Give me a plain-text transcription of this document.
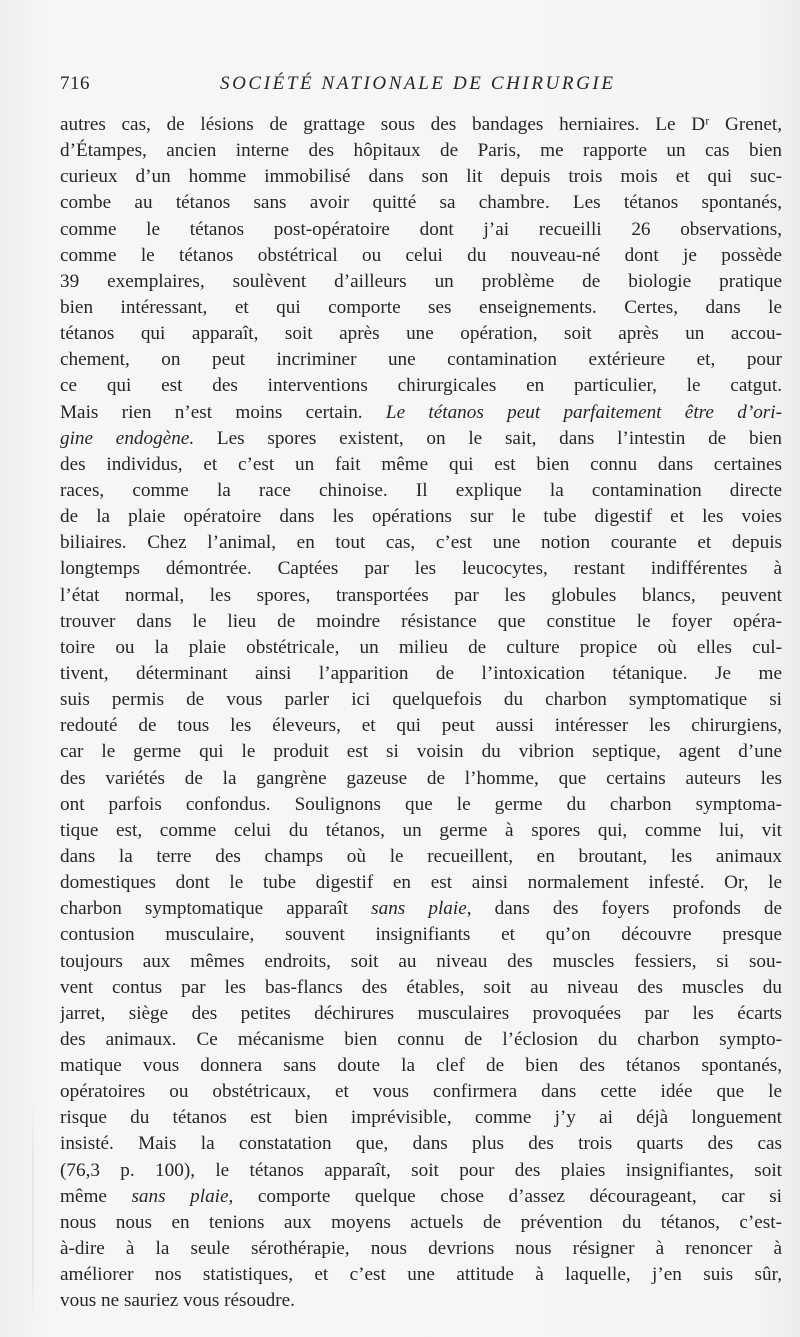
716	SOCIÉTÉ NATIONALE DE CHIRURGIE
autres cas, de lésions de grattage sous des bandages herniaires. Le Dʳ Grenet,
d’Étampes, ancien interne des hôpitaux de Paris, me rapporte un cas bien
curieux d’un homme immobilisé dans son lit depuis trois mois et qui suc-
combe au tétanos sans avoir quitté sa chambre. Les tétanos spontanés,
comme le tétanos post-opératoire dont j’ai recueilli 26 observations,
comme le tétanos obstétrical ou celui du nouveau-né dont je possède
39 exemplaires, soulèvent d’ailleurs un problème de biologie pratique
bien intéressant, et qui comporte ses enseignements. Certes, dans le
tétanos qui apparaît, soit après une opération, soit après un accou-
chement, on peut incriminer une contamination extérieure et, pour
ce qui est des interventions chirurgicales en particulier, le catgut.
Mais rien n’est moins certain. Le tétanos peut parfaitement être d’ori-
gine endogène. Les spores existent, on le sait, dans l’intestin de bien
des individus, et c’est un fait même qui est bien connu dans certaines
races, comme la race chinoise. Il explique la contamination directe
de la plaie opératoire dans les opérations sur le tube digestif et les voies
biliaires. Chez l’animal, en tout cas, c’est une notion courante et depuis
longtemps démontrée. Captées par les leucocytes, restant indifférentes à
l’état normal, les spores, transportées par les globules blancs, peuvent
trouver dans le lieu de moindre résistance que constitue le foyer opéra-
toire ou la plaie obstétricale, un milieu de culture propice où elles cul-
tivent, déterminant ainsi l’apparition de l’intoxication tétanique. Je me
suis permis de vous parler ici quelquefois du charbon symptomatique si
redouté de tous les éleveurs, et qui peut aussi intéresser les chirurgiens,
car le germe qui le produit est si voisin du vibrion septique, agent d’une
des variétés de la gangrène gazeuse de l’homme, que certains auteurs les
ont parfois confondus. Soulignons que le germe du charbon symptoma-
tique est, comme celui du tétanos, un germe à spores qui, comme lui, vit
dans la terre des champs où le recueillent, en broutant, les animaux
domestiques dont le tube digestif en est ainsi normalement infesté. Or, le
charbon symptomatique apparaît sans plaie, dans des foyers profonds de
contusion musculaire, souvent insignifiants et qu’on découvre presque
toujours aux mêmes endroits, soit au niveau des muscles fessiers, si sou-
vent contus par les bas-flancs des étables, soit au niveau des muscles du
jarret, siège des petites déchirures musculaires provoquées par les écarts
des animaux. Ce mécanisme bien connu de l’éclosion du charbon sympto-
matique vous donnera sans doute la clef de bien des tétanos spontanés,
opératoires ou obstétricaux, et vous confirmera dans cette idée que le
risque du tétanos est bien imprévisible, comme j’y ai déjà longuement
insisté. Mais la constatation que, dans plus des trois quarts des cas
(76,3 p. 100), le tétanos apparaît, soit pour des plaies insignifiantes, soit
même sans plaie, comporte quelque chose d’assez décourageant, car si
nous nous en tenions aux moyens actuels de prévention du tétanos, c’est-
à-dire à la seule sérothérapie, nous devrions nous résigner à renoncer à
améliorer nos statistiques, et c’est une attitude à laquelle, j’en suis sûr,
vous ne sauriez vous résoudre.
